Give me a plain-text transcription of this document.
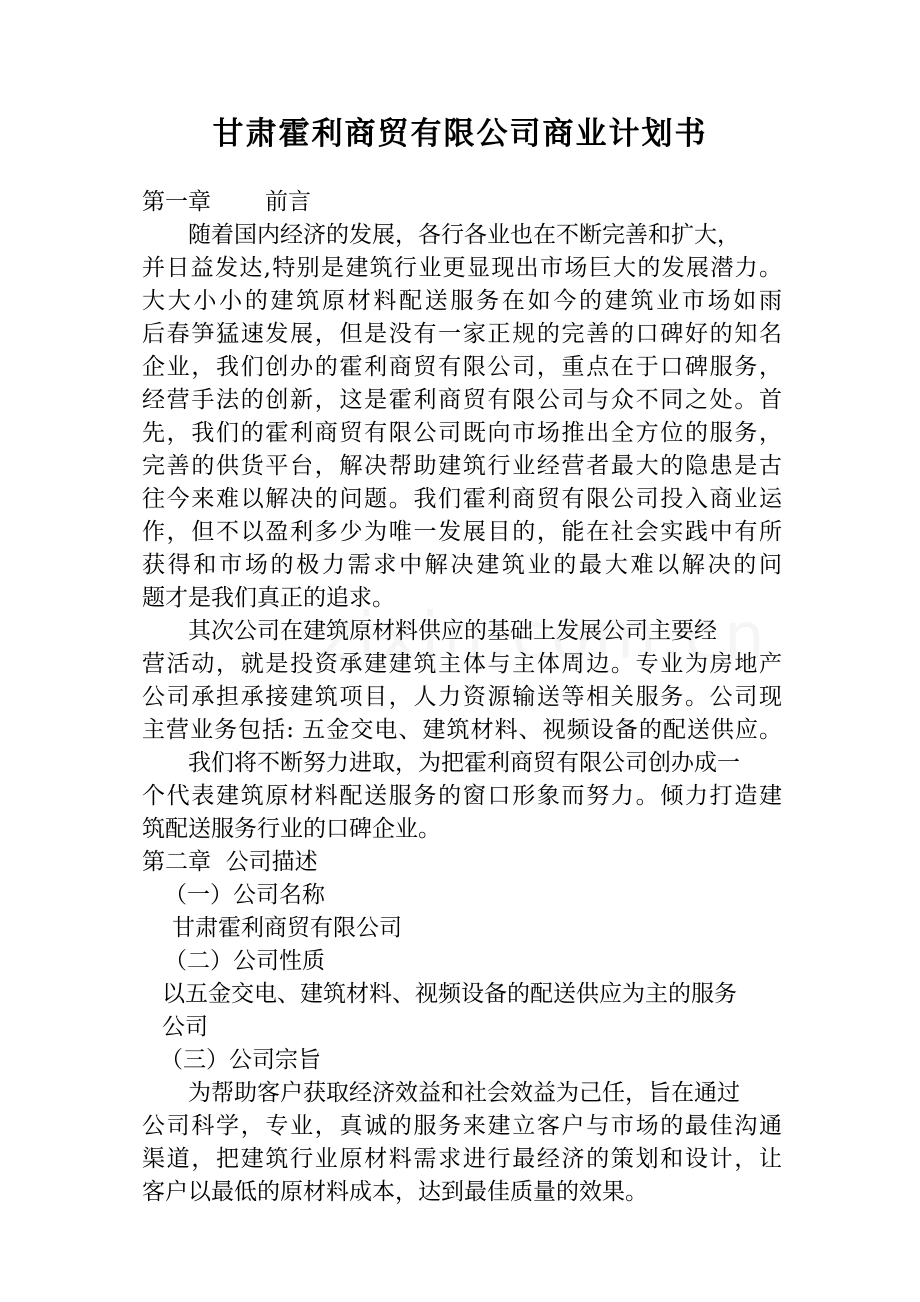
甘肃霍利商贸有限公司商业计划书
第一章 前言
随着国内经济的发展，各行各业也在不断完善和扩大，
并日益发达,特别是建筑行业更显现出市场巨大的发展潜力。
大大小小的建筑原材料配送服务在如今的建筑业市场如雨
后春笋猛速发展，但是没有一家正规的完善的口碑好的知名
企业，我们创办的霍利商贸有限公司，重点在于口碑服务，
经营手法的创新，这是霍利商贸有限公司与众不同之处。首
先，我们的霍利商贸有限公司既向市场推出全方位的服务，
完善的供货平台，解决帮助建筑行业经营者最大的隐患是古
往今来难以解决的问题。我们霍利商贸有限公司投入商业运
作，但不以盈利多少为唯一发展目的，能在社会实践中有所
获得和市场的极力需求中解决建筑业的最大难以解决的问
题才是我们真正的追求。
其次公司在建筑原材料供应的基础上发展公司主要经
营活动，就是投资承建建筑主体与主体周边。专业为房地产
公司承担承接建筑项目，人力资源输送等相关服务。公司现
主营业务包括: 五金交电、建筑材料、视频设备的配送供应。
我们将不断努力进取，为把霍利商贸有限公司创办成一
个代表建筑原材料配送服务的窗口形象而努力。倾力打造建
筑配送服务行业的口碑企业。
第二章  公司描述
（一）公司名称
甘肃霍利商贸有限公司
（二）公司性质
以五金交电、建筑材料、视频设备的配送供应为主的服务
公司
（三）公司宗旨
为帮助客户获取经济效益和社会效益为己任，旨在通过
公司科学，专业，真诚的服务来建立客户与市场的最佳沟通
渠道，把建筑行业原材料需求进行最经济的策划和设计，让
客户以最低的原材料成本，达到最佳质量的效果。
